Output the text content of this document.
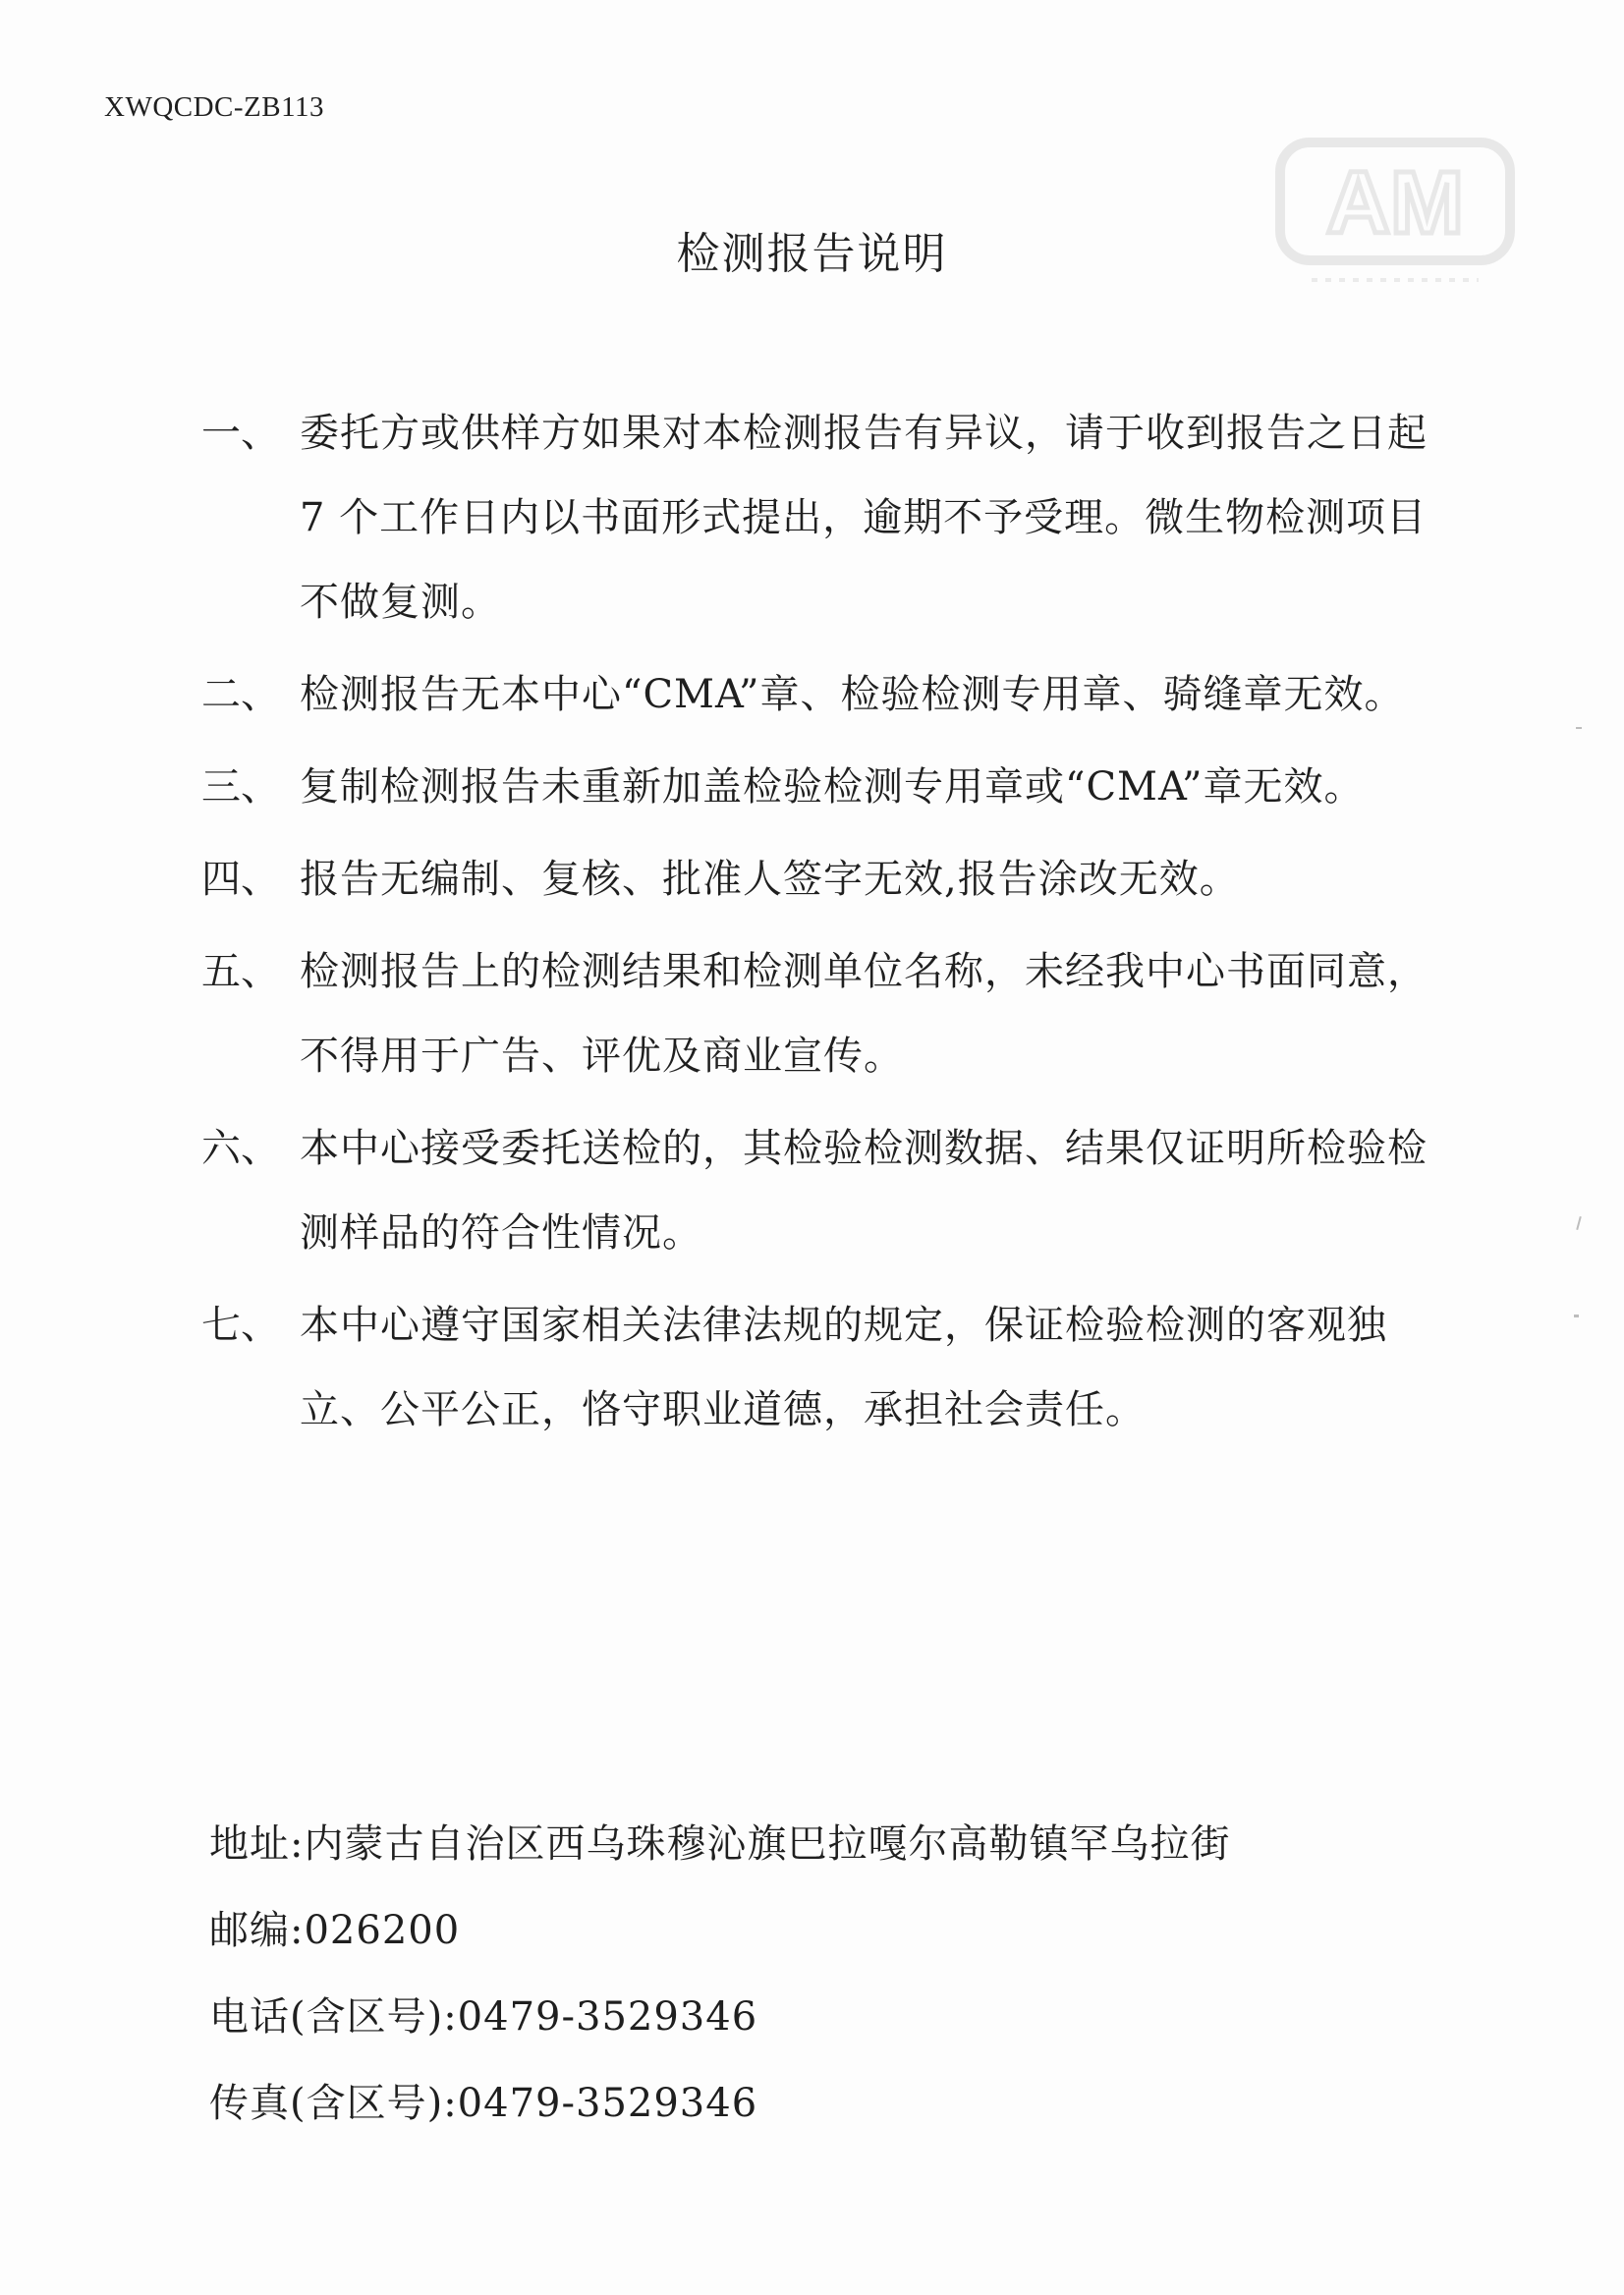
XWQCDC-ZB113
AM
检测报告说明
一、 委托方或供样方如果对本检测报告有异议，请于收到报告之日起
7 个工作日内以书面形式提出，逾期不予受理。微生物检测项目
不做复测。
二、 检测报告无本中心“CMA”章、检验检测专用章、骑缝章无效。
三、 复制检测报告未重新加盖检验检测专用章或“CMA”章无效。
四、 报告无编制、复核、批准人签字无效,报告涂改无效。
五、 检测报告上的检测结果和检测单位名称，未经我中心书面同意，
不得用于广告、评优及商业宣传。
六、 本中心接受委托送检的，其检验检测数据、结果仅证明所检验检
测样品的符合性情况。
七、 本中心遵守国家相关法律法规的规定，保证检验检测的客观独
立、公平公正，恪守职业道德，承担社会责任。
地址:内蒙古自治区西乌珠穆沁旗巴拉嘎尔高勒镇罕乌拉街
邮编:026200
电话(含区号):0479-3529346
传真(含区号):0479-3529346
